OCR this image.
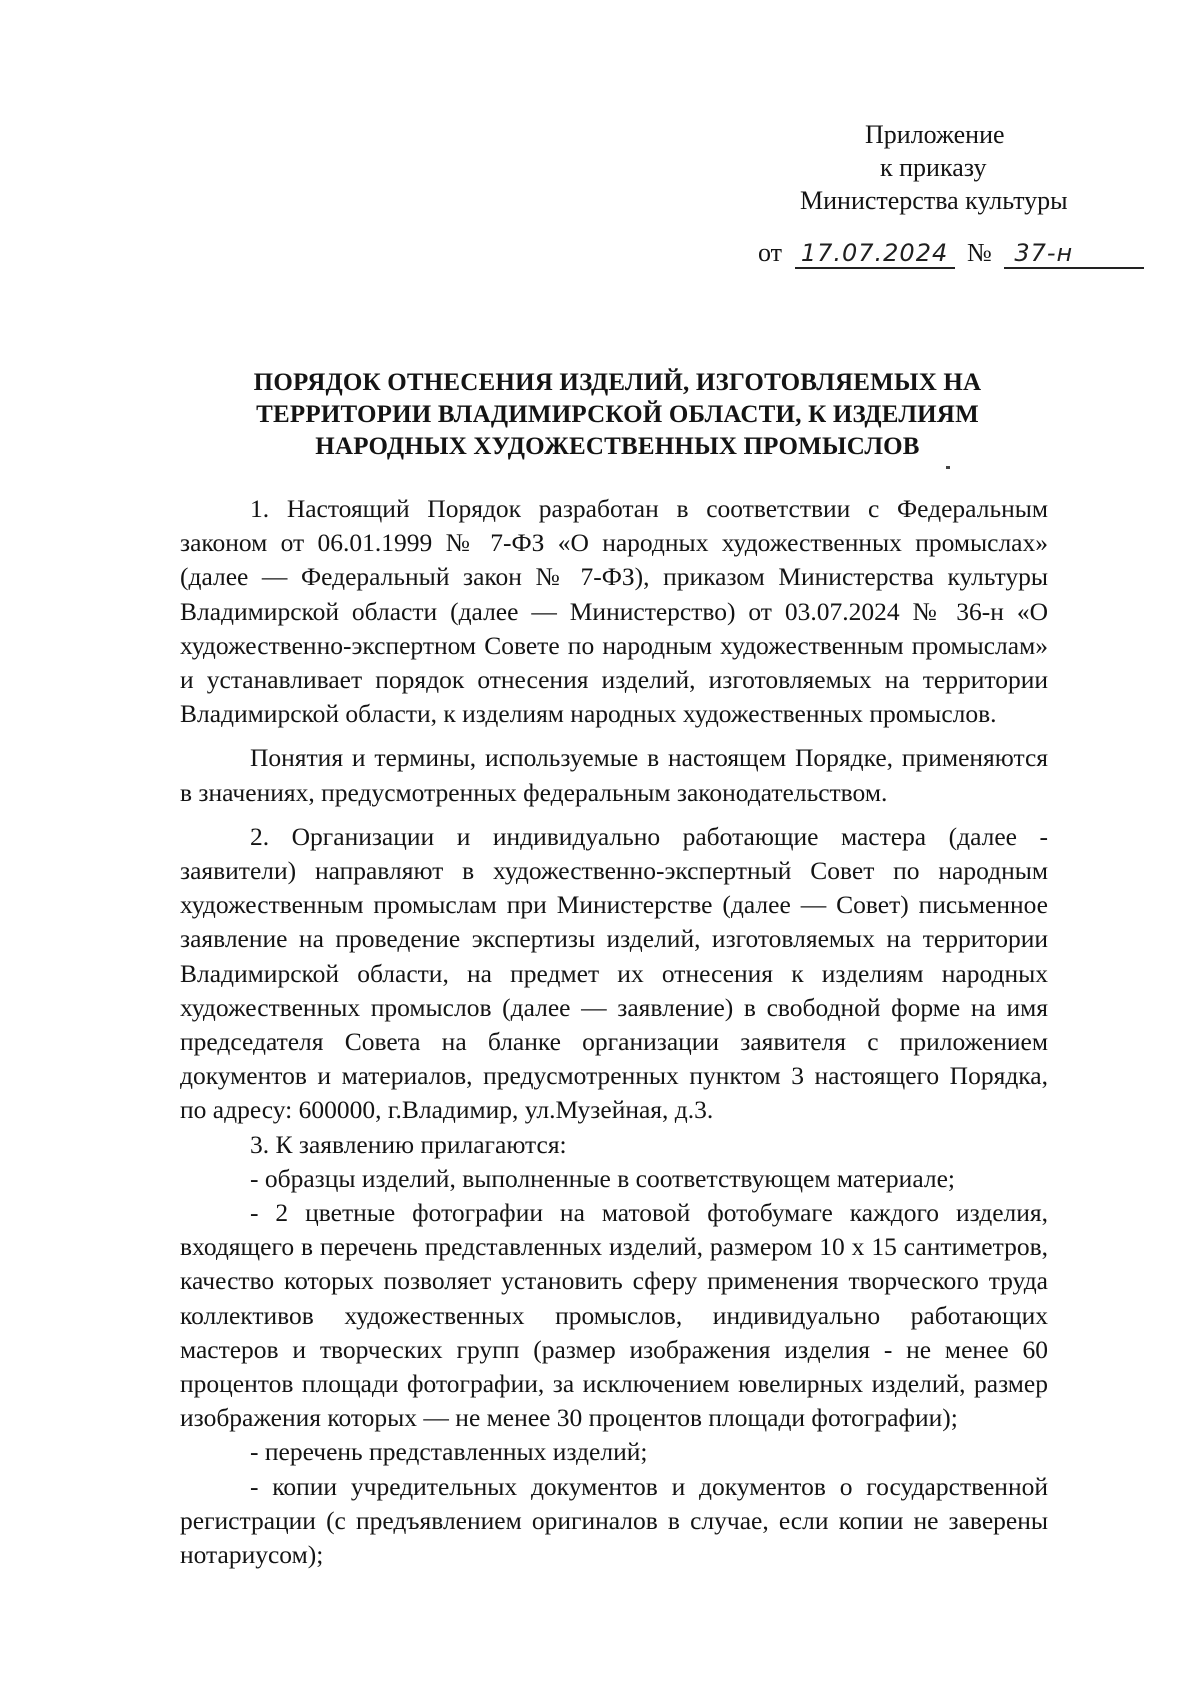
Приложение
к приказу
Министерства культуры
от 17.07.2024 № 37-н
ПОРЯДОК ОТНЕСЕНИЯ ИЗДЕЛИЙ, ИЗГОТОВЛЯЕМЫХ НА
ТЕРРИТОРИИ ВЛАДИМИРСКОЙ ОБЛАСТИ, К ИЗДЕЛИЯМ
НАРОДНЫХ ХУДОЖЕСТВЕННЫХ ПРОМЫСЛОВ

1. Настоящий Порядок разработан в соответствии с Федеральным законом от 06.01.1999 № 7-ФЗ «О народных художественных промыслах» (далее — Федеральный закон № 7-ФЗ), приказом Министерства культуры Владимирской области (далее — Министерство) от 03.07.2024 № 36-н «О художественно-экспертном Совете по народным художественным промыслам» и устанавливает порядок отнесения изделий, изготовляемых на территории Владимирской области, к изделиям народных художественных промыслов.

Понятия и термины, используемые в настоящем Порядке, применяются в значениях, предусмотренных федеральным законодательством.

2. Организации и индивидуально работающие мастера (далее - заявители) направляют в художественно-экспертный Совет по народным художественным промыслам при Министерстве (далее — Совет) письменное заявление на проведение экспертизы изделий, изготовляемых на территории Владимирской области, на предмет их отнесения к изделиям народных художественных промыслов (далее — заявление) в свободной форме на имя председателя Совета на бланке организации заявителя с приложением документов и материалов, предусмотренных пунктом 3 настоящего Порядка, по адресу: 600000, г.Владимир, ул.Музейная, д.3.

3. К заявлению прилагаются:

- образцы изделий, выполненные в соответствующем материале;

- 2 цветные фотографии на матовой фотобумаге каждого изделия, входящего в перечень представленных изделий, размером 10 х 15 сантиметров, качество которых позволяет установить сферу применения творческого труда коллективов художественных промыслов, индивидуально работающих мастеров и творческих групп (размер изображения изделия - не менее 60 процентов площади фотографии, за исключением ювелирных изделий, размер изображения которых — не менее 30 процентов площади фотографии);

- перечень представленных изделий;

- копии учредительных документов и документов о государственной регистрации (с предъявлением оригиналов в случае, если копии не заверены нотариусом);
